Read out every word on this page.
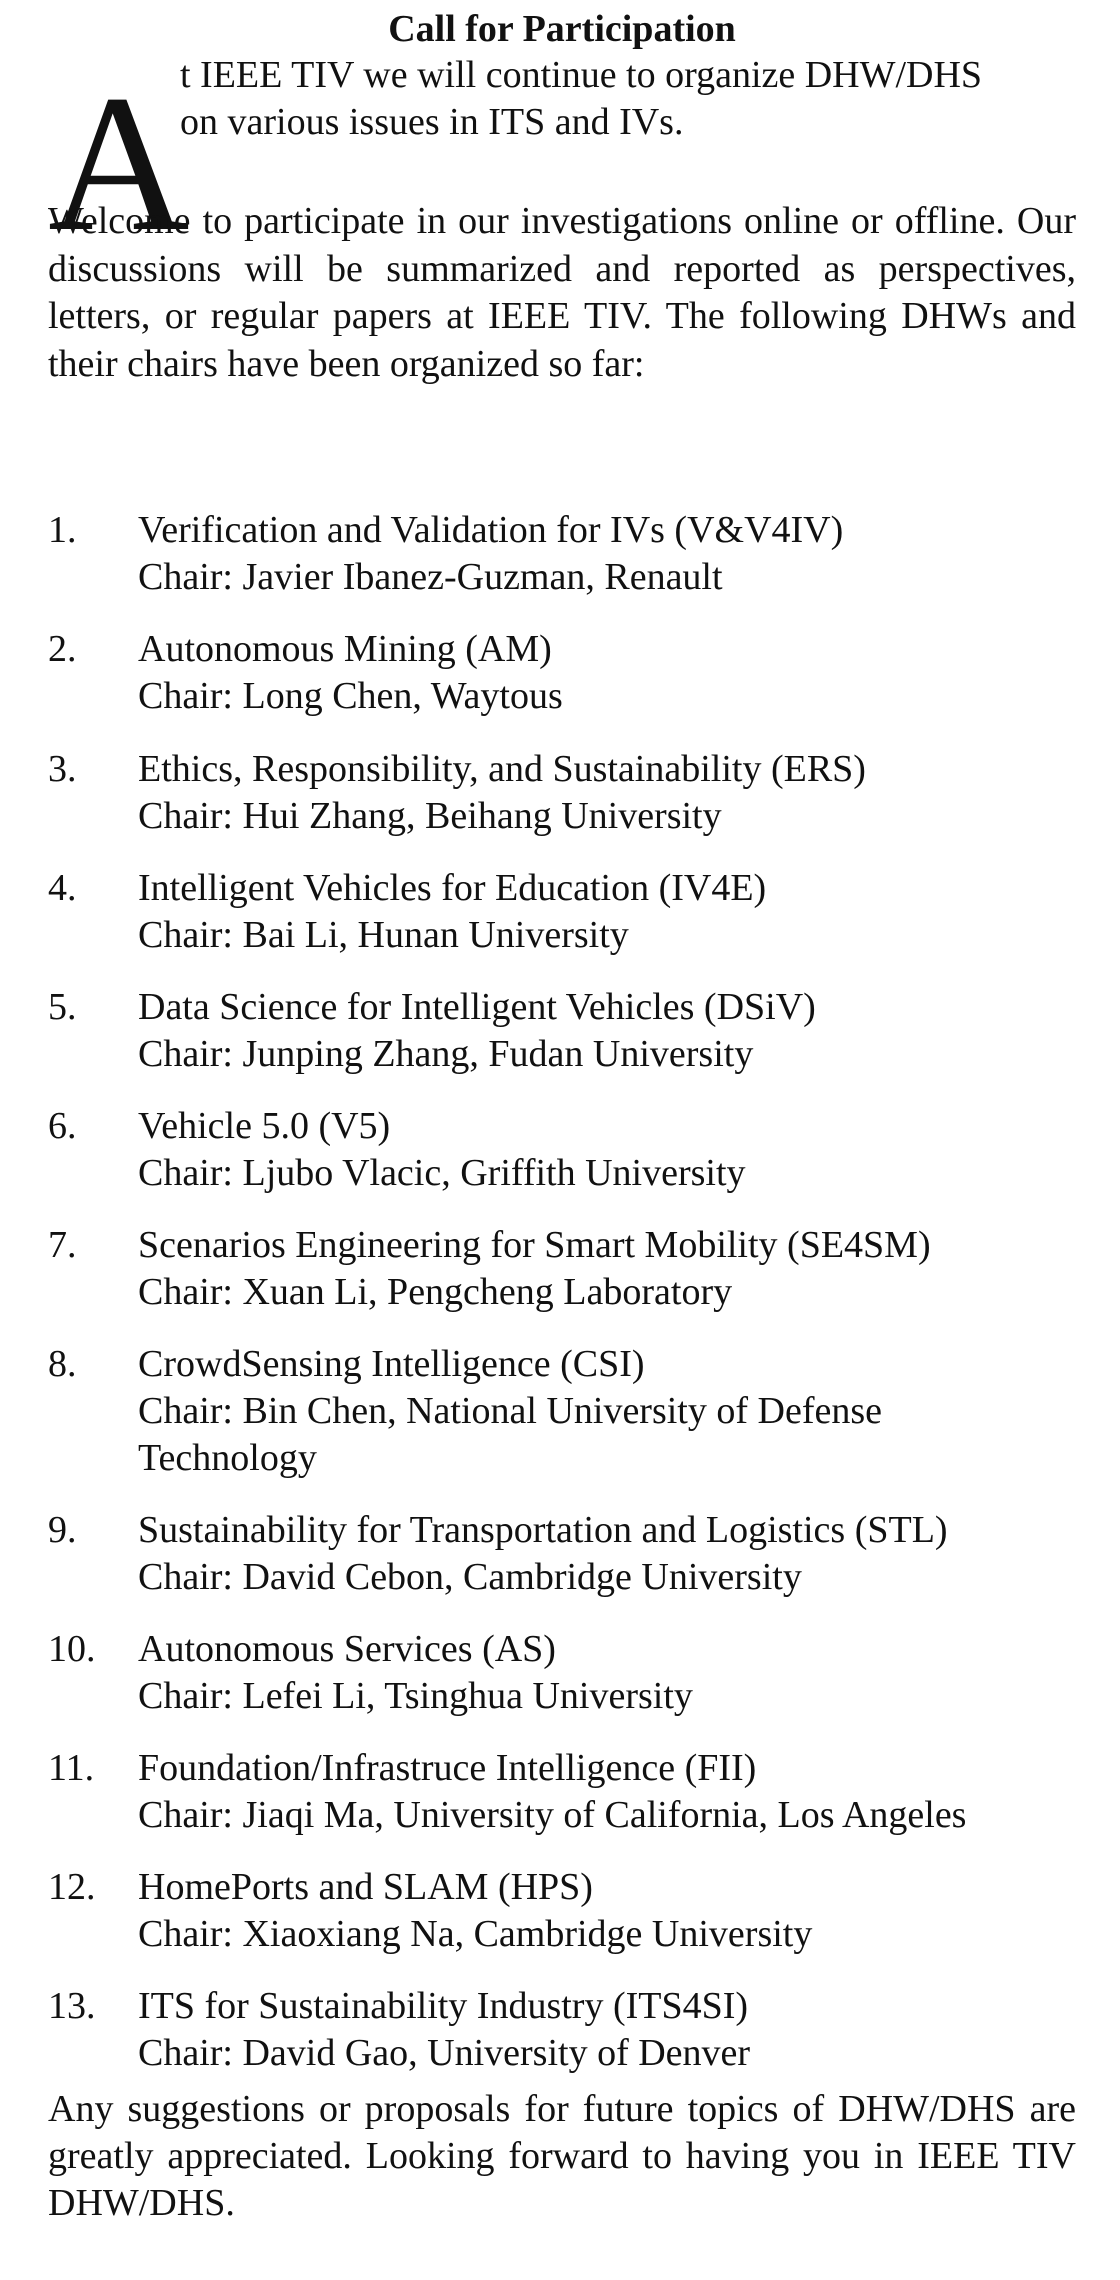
Call for Participation
A
t IEEE TIV we will continue to organize DHW/DHS
on various issues in ITS and IVs.
Welcome to participate in our investigations online or offline. Our discussions will be summarized and reported as perspectives, letters, or regular papers at IEEE TIV. The following DHWs and their chairs have been organized so far:
1.	Verification and Validation for IVs (V&V4IV)
Chair: Javier Ibanez-Guzman, Renault
2.	Autonomous Mining (AM)
Chair: Long Chen, Waytous
3.	Ethics, Responsibility, and Sustainability (ERS)
Chair: Hui Zhang, Beihang University
4.	Intelligent Vehicles for Education (IV4E)
Chair: Bai Li, Hunan University
5.	Data Science for Intelligent Vehicles (DSiV)
Chair: Junping Zhang, Fudan University
6.	Vehicle 5.0 (V5)
Chair: Ljubo Vlacic, Griffith University
7.	Scenarios Engineering for Smart Mobility (SE4SM)
Chair: Xuan Li, Pengcheng Laboratory
8.	CrowdSensing Intelligence (CSI)
Chair: Bin Chen, National University of Defense Technology
9.	Sustainability for Transportation and Logistics (STL)
Chair: David Cebon, Cambridge University
10.	Autonomous Services (AS)
Chair: Lefei Li, Tsinghua University
11.	Foundation/Infrastruce Intelligence (FII)
Chair: Jiaqi Ma, University of California, Los Angeles
12.	HomePorts and SLAM (HPS)
Chair: Xiaoxiang Na, Cambridge University
13.	ITS for Sustainability Industry (ITS4SI)
Chair: David Gao, University of Denver
Any suggestions or proposals for future topics of DHW/DHS are greatly appreciated. Looking forward to having you in IEEE TIV DHW/DHS.
